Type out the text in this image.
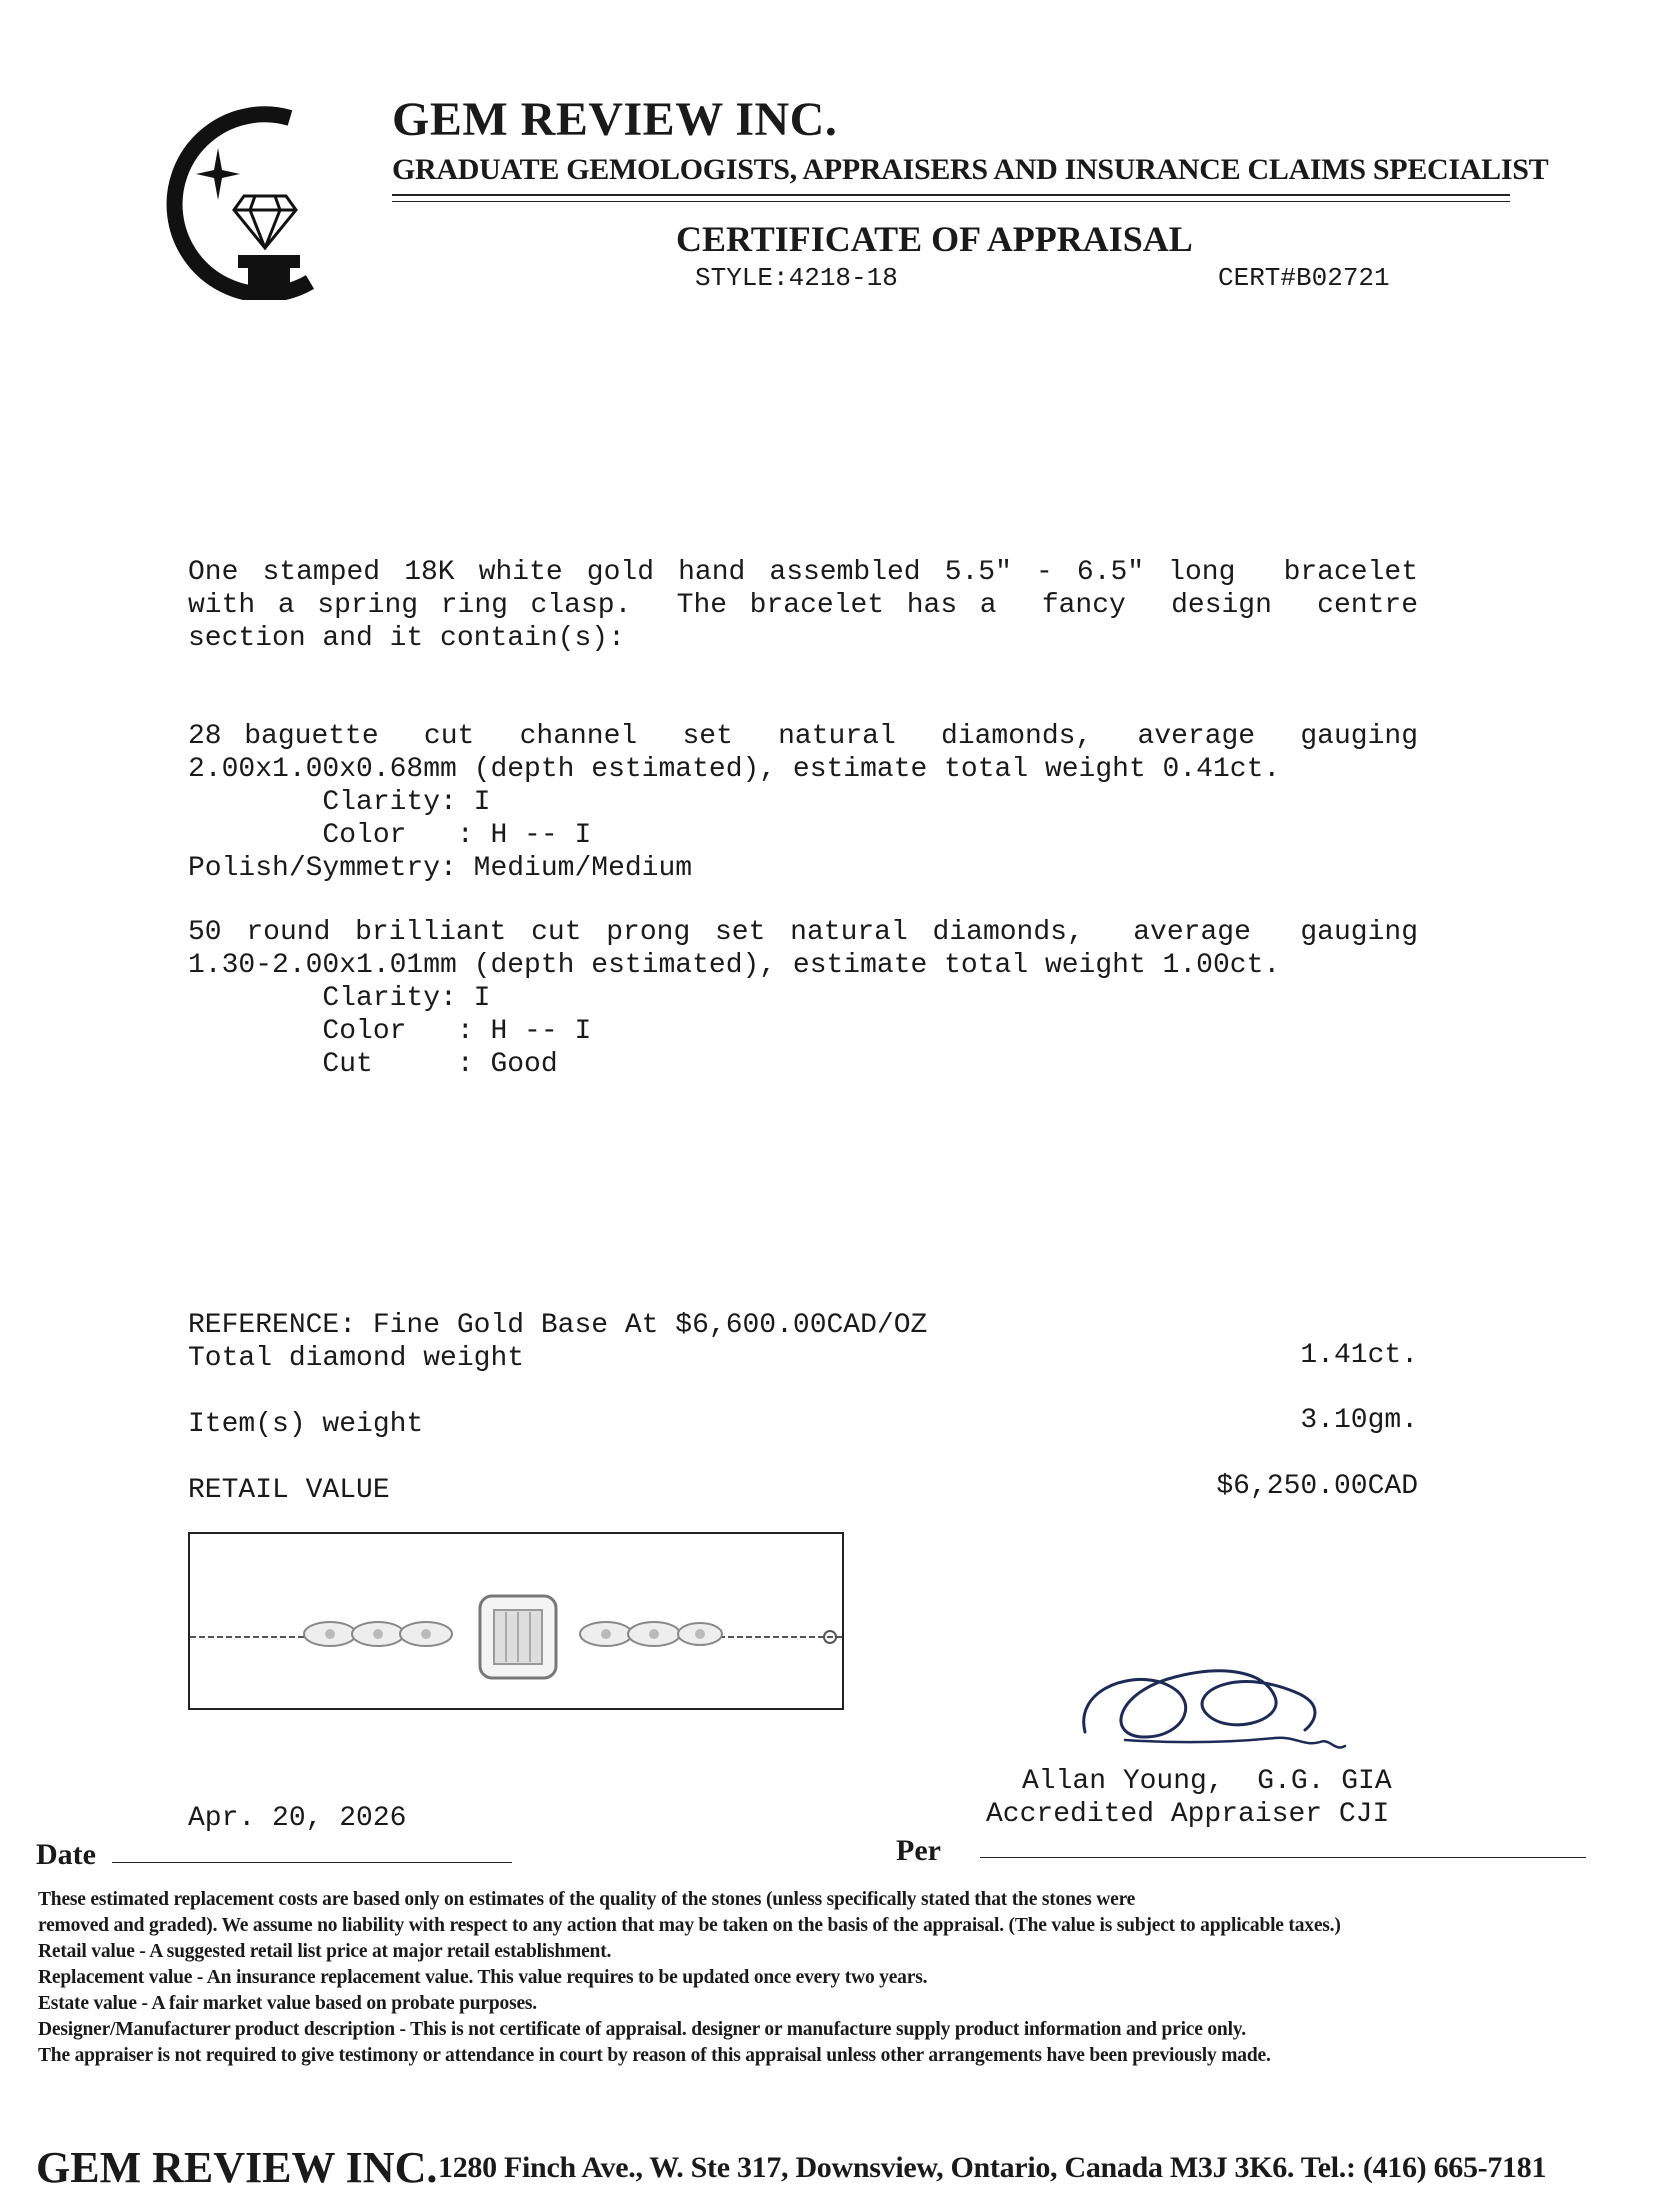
GEM REVIEW INC.
GRADUATE GEMOLOGISTS, APPRAISERS AND INSURANCE CLAIMS SPECIALIST
CERTIFICATE OF APPRAISAL
STYLE:4218-18	CERT#B02721
One stamped 18K white gold hand assembled 5.5" - 6.5" long  bracelet
with a spring ring clasp.  The bracelet has a  fancy  design  centre
section and it contain(s):
28 baguette  cut  channel  set  natural  diamonds,  average  gauging
2.00x1.00x0.68mm (depth estimated), estimate total weight 0.41ct.
Clarity: I
Color   : H -- I
Polish/Symmetry: Medium/Medium
50 round brilliant cut prong set natural diamonds,  average  gauging
1.30-2.00x1.01mm (depth estimated), estimate total weight 1.00ct.
Clarity: I
Color   : H -- I
Cut     : Good
REFERENCE: Fine Gold Base At $6,600.00CAD/OZ
Total diamond weight	1.41ct.
Item(s) weight	3.10gm.
RETAIL VALUE	$6,250.00CAD
Allan Young,  G.G. GIA
Accredited Appraiser CJI
Apr. 20, 2026
Date	Per
These estimated replacement costs are based only on estimates of the quality of the stones (unless specifically stated that the stones were
removed and graded). We assume no liability with respect to any action that may be taken on the basis of the appraisal. (The value is subject to applicable taxes.)
Retail value - A suggested retail list price at major retail establishment.
Replacement value - An insurance replacement value. This value requires to be updated once every two years.
Estate value - A fair market value based on probate purposes.
Designer/Manufacturer product description - This is not certificate of appraisal. designer or manufacture supply product information and price only.
The appraiser is not required to give testimony or attendance in court by reason of this appraisal unless other arrangements have been previously made.
GEM REVIEW INC. 1280 Finch Ave., W. Ste 317, Downsview, Ontario, Canada M3J 3K6. Tel.: (416) 665-7181
